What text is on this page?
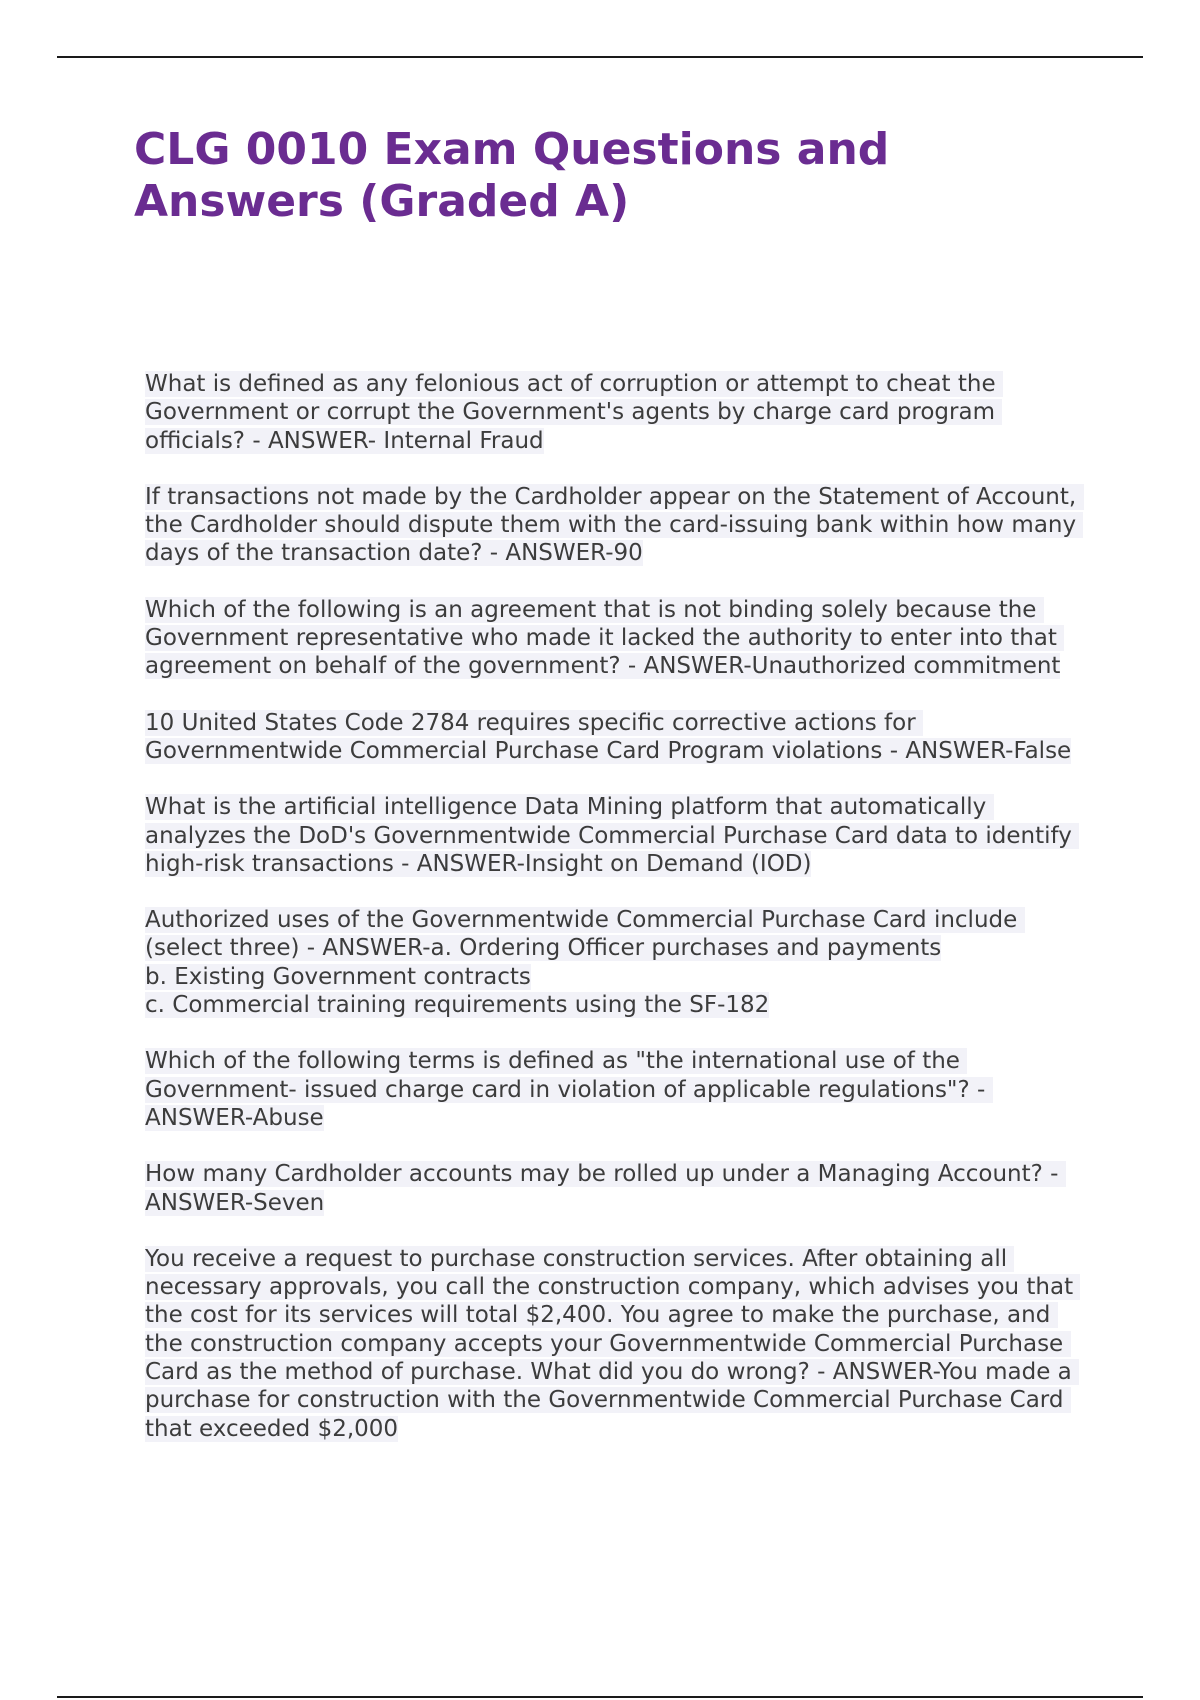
CLG 0010 Exam Questions and Answers (Graded A)

What is defined as any felonious act of corruption or attempt to cheat the Government or corrupt the Government's agents by charge card program officials? - ANSWER- Internal Fraud

If transactions not made by the Cardholder appear on the Statement of Account, the Cardholder should dispute them with the card-issuing bank within how many days of the transaction date? - ANSWER-90

Which of the following is an agreement that is not binding solely because the Government representative who made it lacked the authority to enter into that agreement on behalf of the government? - ANSWER-Unauthorized commitment

10 United States Code 2784 requires specific corrective actions for Governmentwide Commercial Purchase Card Program violations - ANSWER-False

What is the artificial intelligence Data Mining platform that automatically analyzes the DoD's Governmentwide Commercial Purchase Card data to identify high-risk transactions - ANSWER-Insight on Demand (IOD)

Authorized uses of the Governmentwide Commercial Purchase Card include (select three) - ANSWER-a. Ordering Officer purchases and payments
b. Existing Government contracts
c. Commercial training requirements using the SF-182

Which of the following terms is defined as "the international use of the Government- issued charge card in violation of applicable regulations"? - ANSWER-Abuse

How many Cardholder accounts may be rolled up under a Managing Account? - ANSWER-Seven

You receive a request to purchase construction services. After obtaining all necessary approvals, you call the construction company, which advises you that the cost for its services will total $2,400. You agree to make the purchase, and the construction company accepts your Governmentwide Commercial Purchase Card as the method of purchase. What did you do wrong? - ANSWER-You made a purchase for construction with the Governmentwide Commercial Purchase Card that exceeded $2,000
